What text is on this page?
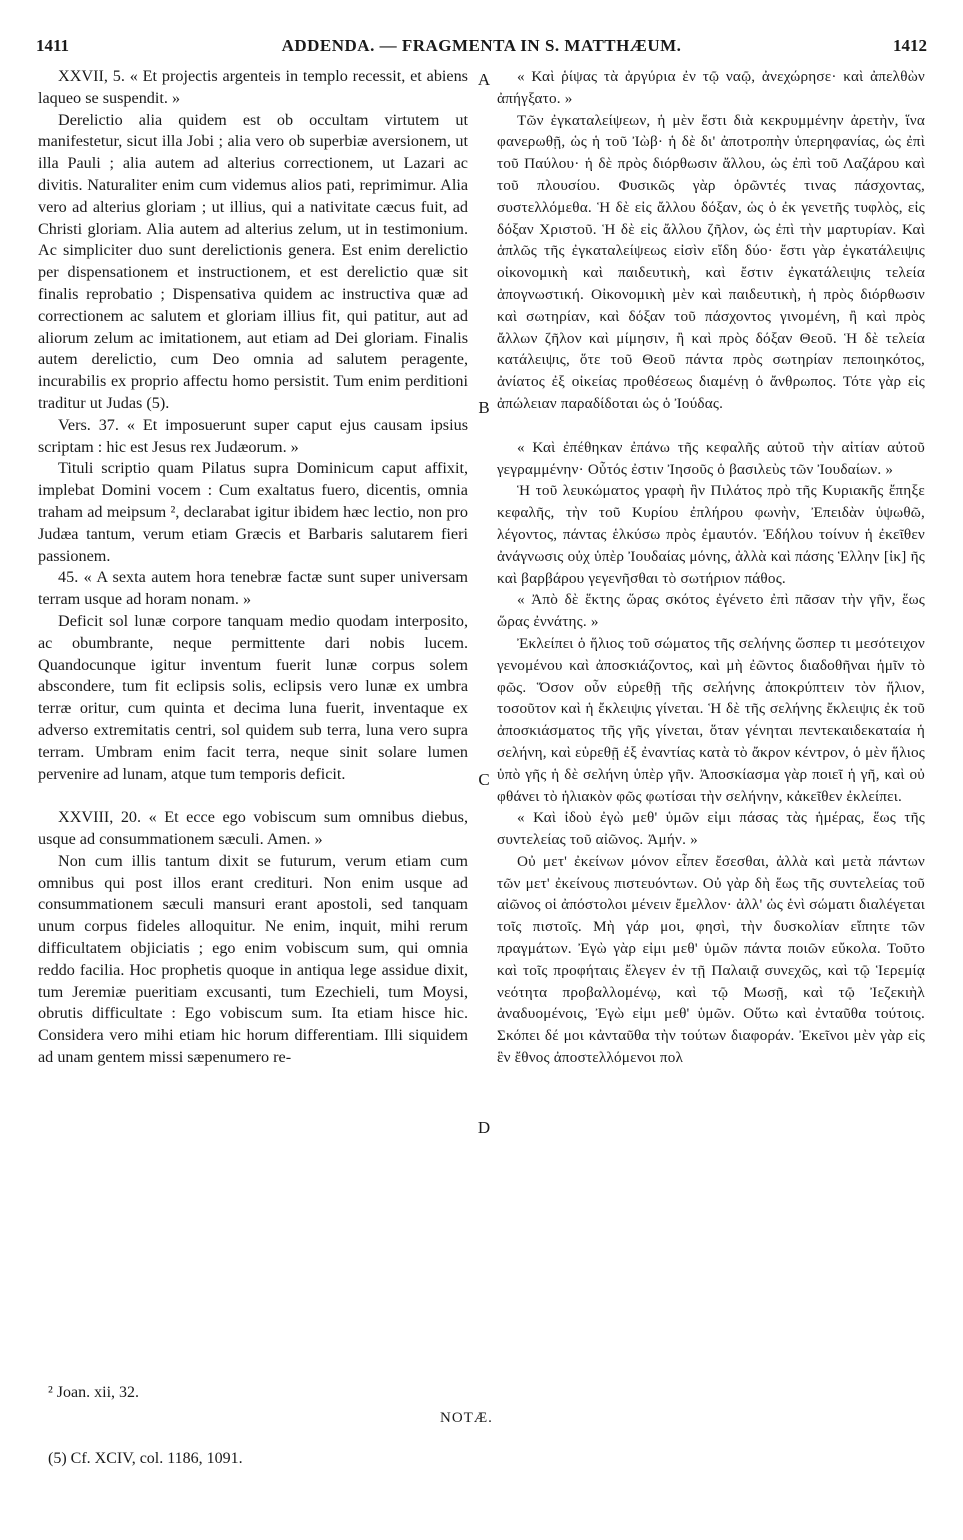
1411	ADDENDA. — FRAGMENTA IN S. MATTHÆUM.	1412
A
B
C
D

XXVII, 5. « Et projectis argenteis in templo recessit, et abiens laqueo se suspendit. »

Derelictio alia quidem est ob occultam virtutem ut manifestetur, sicut illa Jobi ; alia vero ob superbiæ aversionem, ut illa Pauli ; alia autem ad alterius correctionem, ut Lazari ac divitis. Naturaliter enim cum videmus alios pati, reprimimur. Alia vero ad alterius gloriam ; ut illius, qui a nativitate cæcus fuit, ad Christi gloriam. Alia autem ad alterius zelum, ut in testimonium. Ac simpliciter duo sunt derelictionis genera. Est enim derelictio per dispensationem et instructionem, et est derelictio quæ sit finalis reprobatio ; Dispensativa quidem ac instructiva quæ ad correctionem ac salutem et gloriam illius fit, qui patitur, aut ad aliorum zelum ac imitationem, aut etiam ad Dei gloriam. Finalis autem derelictio, cum Deo omnia ad salutem peragente, incurabilis ex proprio affectu homo persistit. Tum enim perditioni traditur ut Judas (5).

Vers. 37. « Et imposuerunt super caput ejus causam ipsius scriptam : hic est Jesus rex Judæorum. »

Tituli scriptio quam Pilatus supra Dominicum caput affixit, implebat Domini vocem : Cum exaltatus fuero, dicentis, omnia traham ad meipsum ², declarabat igitur ibidem hæc lectio, non pro Judæa tantum, verum etiam Græcis et Barbaris salutarem fieri passionem.

45. « A sexta autem hora tenebræ factæ sunt super universam terram usque ad horam nonam. »

Deficit sol lunæ corpore tanquam medio quodam interposito, ac obumbrante, neque permittente dari nobis lucem. Quandocunque igitur inventum fuerit lunæ corpus solem abscondere, tum fit eclipsis solis, eclipsis vero lunæ ex umbra terræ oritur, cum quinta et decima luna fuerit, inventaque ex adverso extremitatis centri, sol quidem sub terra, luna vero supra terram. Umbram enim facit terra, neque sinit solare lumen pervenire ad lunam, atque tum temporis deficit.

XXVIII, 20. « Et ecce ego vobiscum sum omnibus diebus, usque ad consummationem sæculi. Amen. »

Non cum illis tantum dixit se futurum, verum etiam cum omnibus qui post illos erant credituri. Non enim usque ad consummationem sæculi mansuri erant apostoli, sed tanquam unum corpus fideles alloquitur. Ne enim, inquit, mihi rerum difficultatem objiciatis ; ego enim vobiscum sum, qui omnia reddo facilia. Hoc prophetis quoque in antiqua lege assidue dixit, tum Jeremiæ pueritiam excusanti, tum Ezechieli, tum Moysi, obrutis difficultate : Ego vobiscum sum. Ita etiam hisce hic. Considera vero mihi etiam hic horum differentiam. Illi siquidem ad unam gentem missi sæpenumero re-

« Καὶ ῥίψας τὰ ἀργύρια ἐν τῷ ναῷ, ἀνεχώρησε· καὶ ἀπελθὼν ἀπήγξατο. »

Τῶν ἐγκαταλείψεων, ἡ μὲν ἔστι διὰ κεκρυμμένην ἀρετὴν, ἵνα φανερωθῇ, ὡς ἡ τοῦ Ἰὼβ· ἡ δὲ δι' ἀποτροπὴν ὑπερηφανίας, ὡς ἐπὶ τοῦ Παύλου· ἡ δὲ πρὸς διόρθωσιν ἄλλου, ὡς ἐπὶ τοῦ Λαζάρου καὶ τοῦ πλουσίου. Φυσικῶς γὰρ ὁρῶντές τινας πάσχοντας, συστελλόμεθα. Ἡ δὲ εἰς ἄλλου δόξαν, ὡς ὁ ἐκ γενετῆς τυφλὸς, εἰς δόξαν Χριστοῦ. Ἡ δὲ εἰς ἄλλου ζῆλον, ὡς ἐπὶ τὴν μαρτυρίαν. Καὶ ἁπλῶς τῆς ἐγκαταλείψεως εἰσὶν εἴδη δύο· ἔστι γὰρ ἐγκατάλειψις οἰκονομικὴ καὶ παιδευτικὴ, καὶ ἔστιν ἐγκατάλειψις τελεία ἀπογνωστική. Οἰκονομικὴ μὲν καὶ παιδευτικὴ, ἡ πρὸς διόρθωσιν καὶ σωτηρίαν, καὶ δόξαν τοῦ πάσχοντος γινομένη, ἢ καὶ πρὸς ἄλλων ζῆλον καὶ μίμησιν, ἢ καὶ πρὸς δόξαν Θεοῦ. Ἡ δὲ τελεία κατάλειψις, ὅτε τοῦ Θεοῦ πάντα πρὸς σωτηρίαν πεποιηκότος, ἀνίατος ἐξ οἰκείας προθέσεως διαμένῃ ὁ ἄνθρωπος. Τότε γὰρ εἰς ἀπώλειαν παραδίδοται ὡς ὁ Ἰούδας.

« Καὶ ἐπέθηκαν ἐπάνω τῆς κεφαλῆς αὐτοῦ τὴν αἰτίαν αὐτοῦ γεγραμμένην· Οὗτός ἐστιν Ἰησοῦς ὁ βασιλεὺς τῶν Ἰουδαίων. »

Ἡ τοῦ λευκώματος γραφὴ ἣν Πιλάτος πρὸ τῆς Κυριακῆς ἔπηξε κεφαλῆς, τὴν τοῦ Κυρίου ἐπλήρου φωνὴν, Ἐπειδὰν ὑψωθῶ, λέγοντος, πάντας ἑλκύσω πρὸς ἐμαυτόν. Ἐδήλου τοίνυν ἡ ἐκεῖθεν ἀνάγνωσις οὐχ ὑπὲρ Ἰουδαίας μόνης, ἀλλὰ καὶ πάσης Ἑλλην [ἰκ] ῆς καὶ βαρβάρου γεγενῆσθαι τὸ σωτήριον πάθος.

« Ἀπὸ δὲ ἕκτης ὥρας σκότος ἐγένετο ἐπὶ πᾶσαν τὴν γῆν, ἕως ὥρας ἐννάτης. »

Ἐκλείπει ὁ ἥλιος τοῦ σώματος τῆς σελήνης ὥσπερ τι μεσότειχον γενομένου καὶ ἀποσκιάζοντος, καὶ μὴ ἐῶντος διαδοθῆναι ἡμῖν τὸ φῶς. Ὅσον οὖν εὑρεθῇ τῆς σελήνης ἀποκρύπτειν τὸν ἥλιον, τοσοῦτον καὶ ἡ ἔκλειψις γίνεται. Ἡ δὲ τῆς σελήνης ἔκλειψις ἐκ τοῦ ἀποσκιάσματος τῆς γῆς γίνεται, ὅταν γένηται πεντεκαιδεκαταία ἡ σελήνη, καὶ εὑρεθῇ ἐξ ἐναντίας κατὰ τὸ ἄκρον κέντρον, ὁ μὲν ἥλιος ὑπὸ γῆς ἡ δὲ σελήνη ὑπὲρ γῆν. Ἀποσκίασμα γὰρ ποιεῖ ἡ γῆ, καὶ οὐ φθάνει τὸ ἡλιακὸν φῶς φωτίσαι τὴν σελήνην, κἀκεῖθεν ἐκλείπει.

« Καὶ ἰδοὺ ἐγὼ μεθ' ὑμῶν εἰμι πάσας τὰς ἡμέρας, ἕως τῆς συντελείας τοῦ αἰῶνος. Ἀμήν. »

Οὐ μετ' ἐκείνων μόνον εἶπεν ἔσεσθαι, ἀλλὰ καὶ μετὰ πάντων τῶν μετ' ἐκείνους πιστευόντων. Οὐ γὰρ δὴ ἕως τῆς συντελείας τοῦ αἰῶνος οἱ ἀπόστολοι μένειν ἔμελλον· ἀλλ' ὡς ἑνὶ σώματι διαλέγεται τοῖς πιστοῖς. Μὴ γάρ μοι, φησὶ, τὴν δυσκολίαν εἴπητε τῶν πραγμάτων. Ἐγὼ γὰρ εἰμι μεθ' ὑμῶν πάντα ποιῶν εὔκολα. Τοῦτο καὶ τοῖς προφήταις ἔλεγεν ἐν τῇ Παλαιᾷ συνεχῶς, καὶ τῷ Ἱερεμίᾳ νεότητα προβαλλομένῳ, καὶ τῷ Μωσῇ, καὶ τῷ Ἰεζεκιὴλ ἀναδυομένοις, Ἐγὼ εἰμι μεθ' ὑμῶν. Οὕτω καὶ ἐνταῦθα τούτοις. Σκόπει δέ μοι κἀνταῦθα τὴν τούτων διαφοράν. Ἐκεῖνοι μὲν γὰρ εἰς ἓν ἔθνος ἀποστελλόμενοι πολ

² Joan. xii, 32.
NOTÆ.
(5) Cf. XCIV, col. 1186, 1091.
